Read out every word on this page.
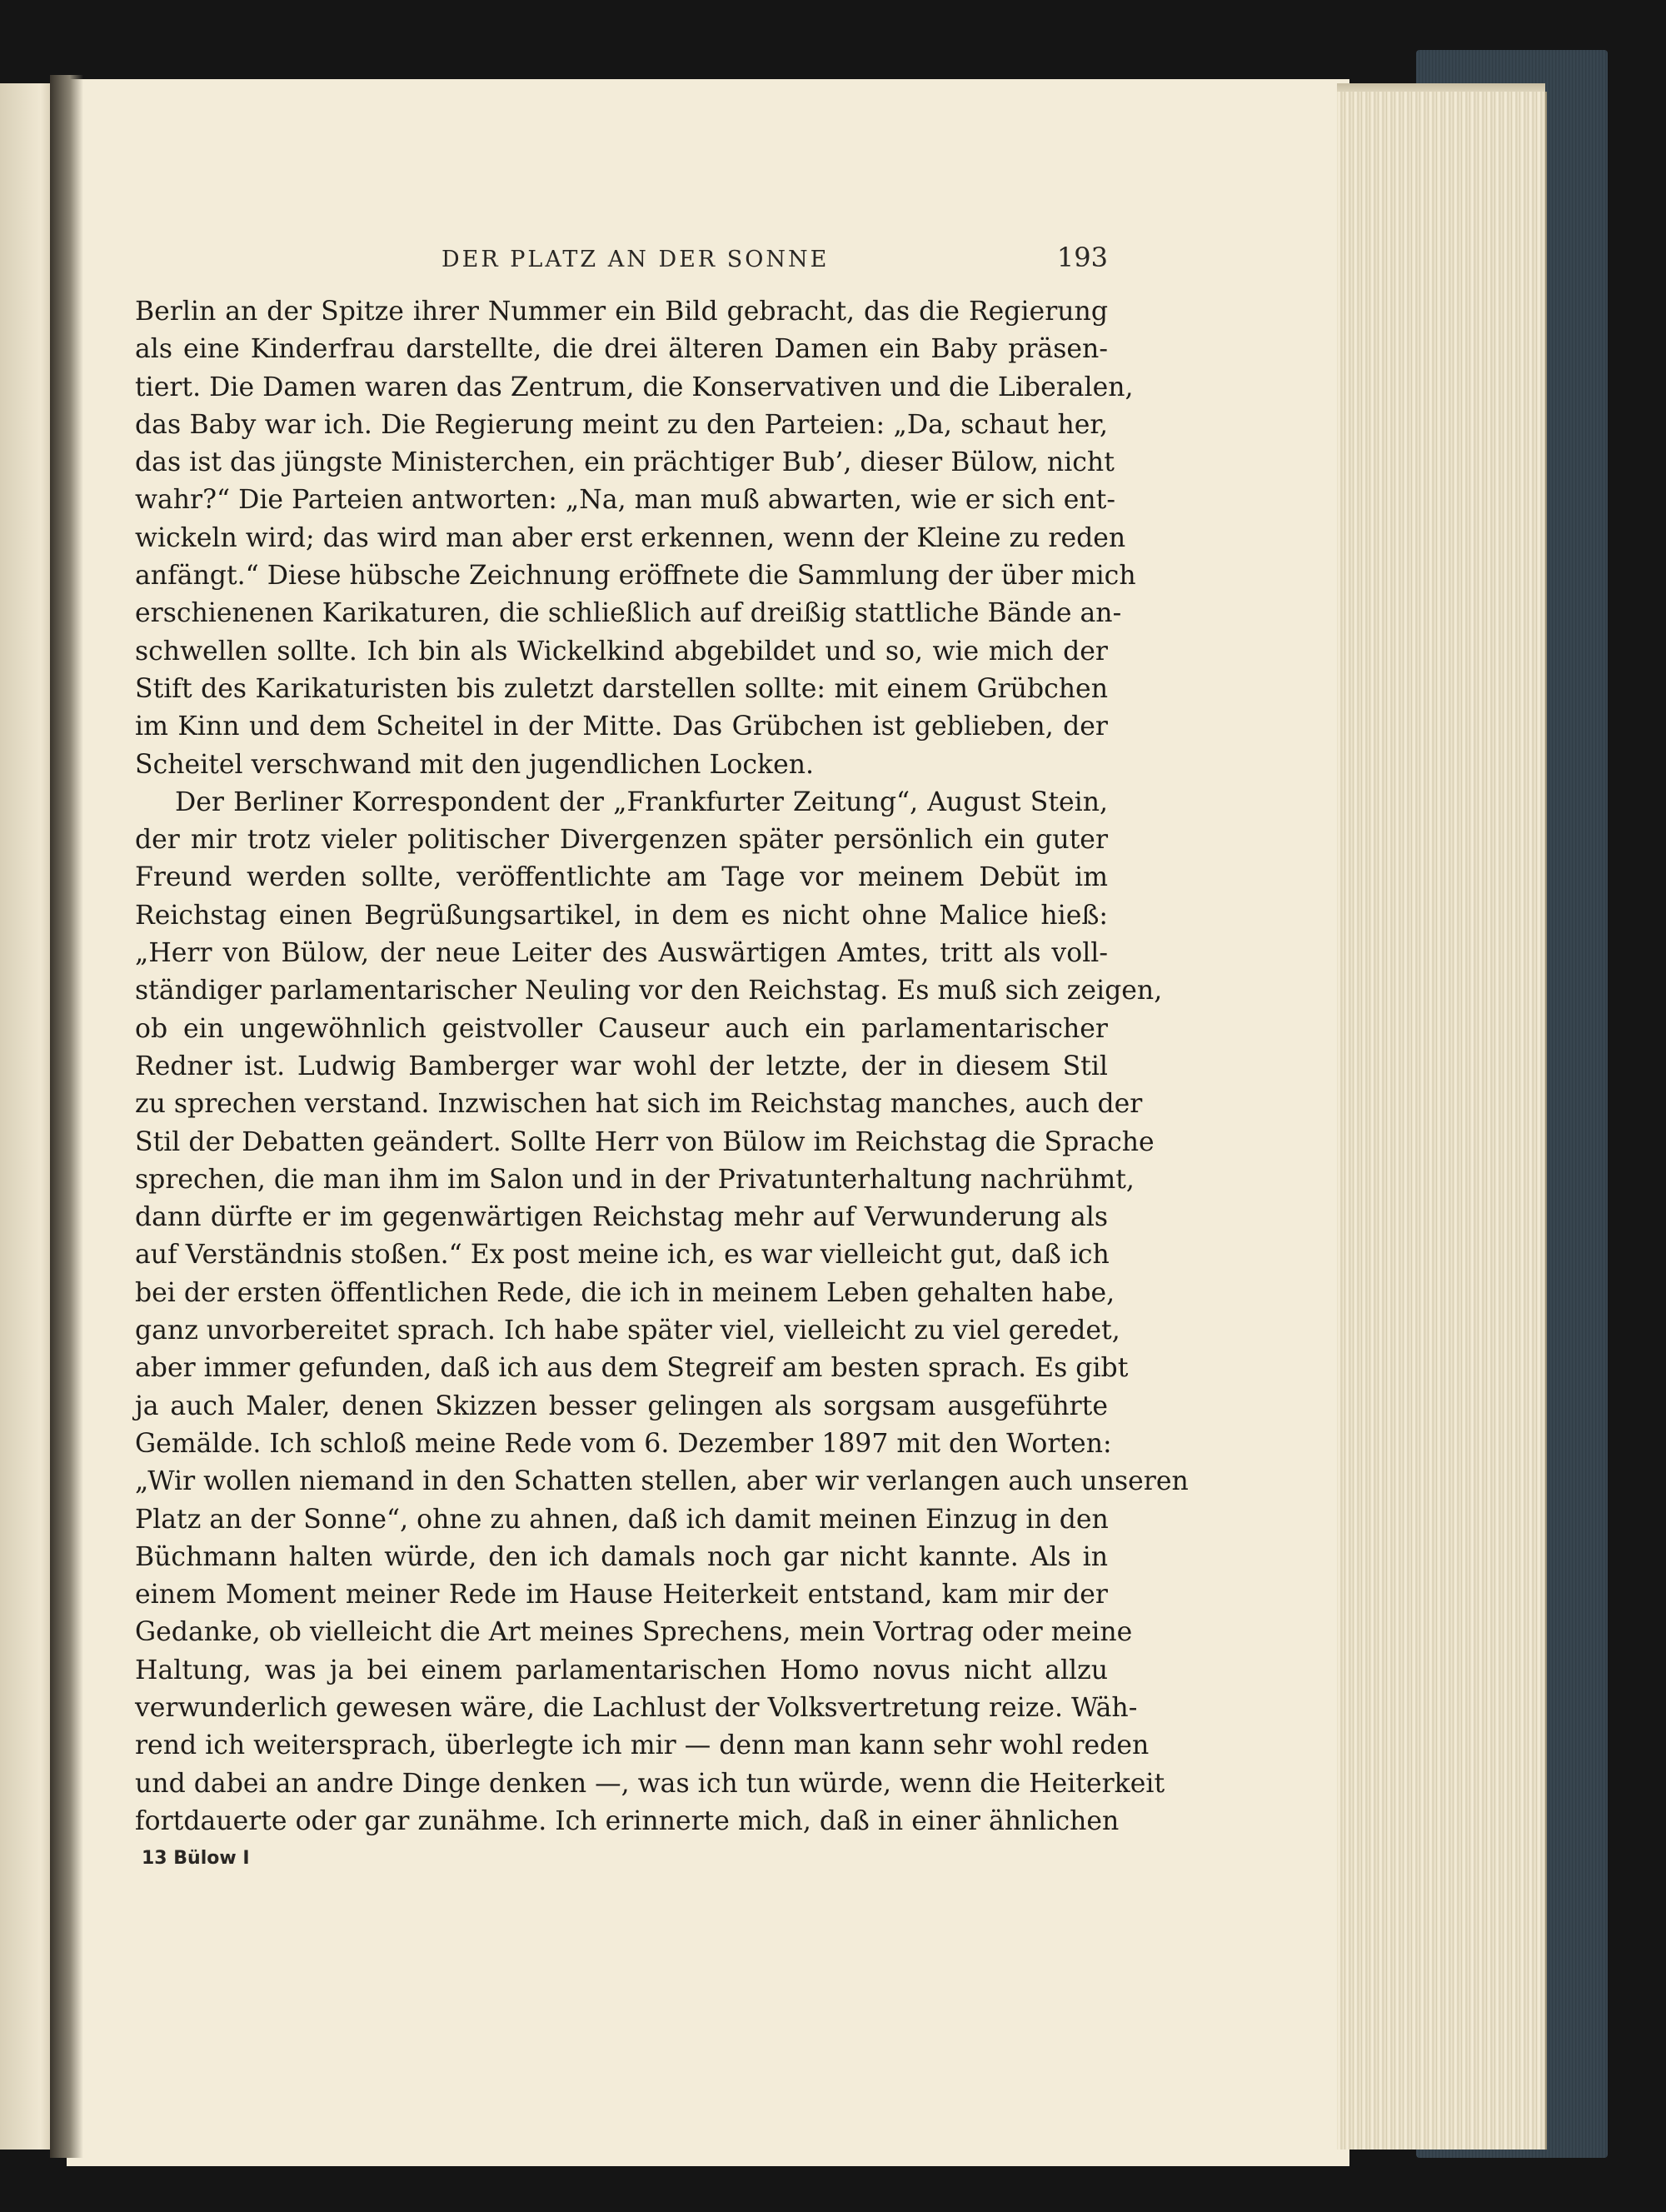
DER PLATZ AN DER SONNE	193
Berlin an der Spitze ihrer Nummer ein Bild gebracht, das die Regierung
als eine Kinderfrau darstellte, die drei älteren Damen ein Baby präsen-
tiert. Die Damen waren das Zentrum, die Konservativen und die Liberalen,
das Baby war ich. Die Regierung meint zu den Parteien: „Da, schaut her,
das ist das jüngste Ministerchen, ein prächtiger Bub’, dieser Bülow, nicht
wahr?“ Die Parteien antworten: „Na, man muß abwarten, wie er sich ent-
wickeln wird; das wird man aber erst erkennen, wenn der Kleine zu reden
anfängt.“ Diese hübsche Zeichnung eröffnete die Sammlung der über mich
erschienenen Karikaturen, die schließlich auf dreißig stattliche Bände an-
schwellen sollte. Ich bin als Wickelkind abgebildet und so, wie mich der
Stift des Karikaturisten bis zuletzt darstellen sollte: mit einem Grübchen
im Kinn und dem Scheitel in der Mitte. Das Grübchen ist geblieben, der
Scheitel verschwand mit den jugendlichen Locken.
Der Berliner Korrespondent der „Frankfurter Zeitung“, August Stein,
der mir trotz vieler politischer Divergenzen später persönlich ein guter
Freund werden sollte, veröffentlichte am Tage vor meinem Debüt im
Reichstag einen Begrüßungsartikel, in dem es nicht ohne Malice hieß:
„Herr von Bülow, der neue Leiter des Auswärtigen Amtes, tritt als voll-
ständiger parlamentarischer Neuling vor den Reichstag. Es muß sich zeigen,
ob ein ungewöhnlich geistvoller Causeur auch ein parlamentarischer
Redner ist. Ludwig Bamberger war wohl der letzte, der in diesem Stil
zu sprechen verstand. Inzwischen hat sich im Reichstag manches, auch der
Stil der Debatten geändert. Sollte Herr von Bülow im Reichstag die Sprache
sprechen, die man ihm im Salon und in der Privatunterhaltung nachrühmt,
dann dürfte er im gegenwärtigen Reichstag mehr auf Verwunderung als
auf Verständnis stoßen.“ Ex post meine ich, es war vielleicht gut, daß ich
bei der ersten öffentlichen Rede, die ich in meinem Leben gehalten habe,
ganz unvorbereitet sprach. Ich habe später viel, vielleicht zu viel geredet,
aber immer gefunden, daß ich aus dem Stegreif am besten sprach. Es gibt
ja auch Maler, denen Skizzen besser gelingen als sorgsam ausgeführte
Gemälde. Ich schloß meine Rede vom 6. Dezember 1897 mit den Worten:
„Wir wollen niemand in den Schatten stellen, aber wir verlangen auch unseren
Platz an der Sonne“, ohne zu ahnen, daß ich damit meinen Einzug in den
Büchmann halten würde, den ich damals noch gar nicht kannte. Als in
einem Moment meiner Rede im Hause Heiterkeit entstand, kam mir der
Gedanke, ob vielleicht die Art meines Sprechens, mein Vortrag oder meine
Haltung, was ja bei einem parlamentarischen Homo novus nicht allzu
verwunderlich gewesen wäre, die Lachlust der Volksvertretung reize. Wäh-
rend ich weitersprach, überlegte ich mir — denn man kann sehr wohl reden
und dabei an andre Dinge denken —, was ich tun würde, wenn die Heiterkeit
fortdauerte oder gar zunähme. Ich erinnerte mich, daß in einer ähnlichen
13 Bülow I
